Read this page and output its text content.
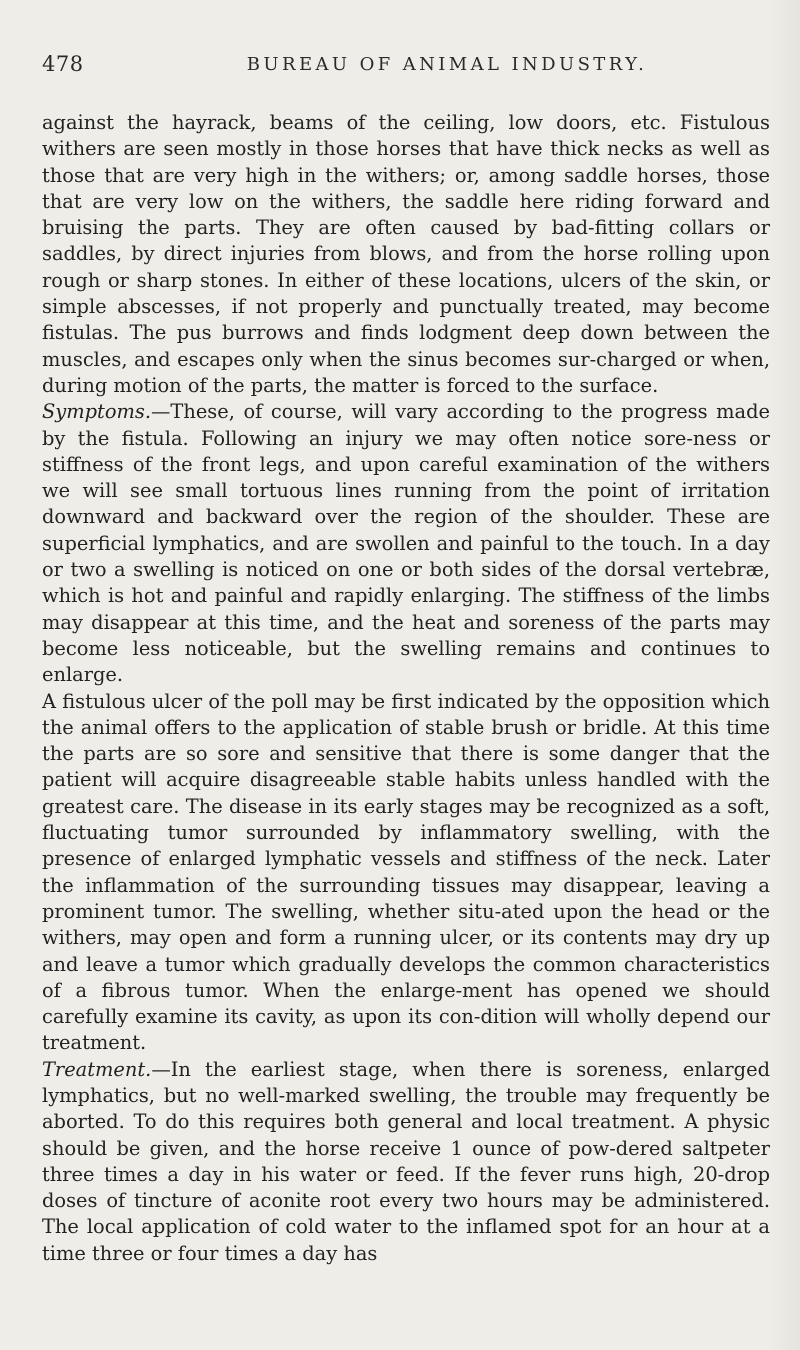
478	BUREAU OF ANIMAL INDUSTRY.

against the hayrack, beams of the ceiling, low doors, etc. Fistulous withers are seen mostly in those horses that have thick necks as well as those that are very high in the withers; or, among saddle horses, those that are very low on the withers, the saddle here riding forward and bruising the parts. They are often caused by bad-fitting collars or saddles, by direct injuries from blows, and from the horse rolling upon rough or sharp stones. In either of these locations, ulcers of the skin, or simple abscesses, if not properly and punctually treated, may become fistulas. The pus burrows and finds lodgment deep down between the muscles, and escapes only when the sinus becomes sur-charged or when, during motion of the parts, the matter is forced to the surface.

Symptoms.—These, of course, will vary according to the progress made by the fistula. Following an injury we may often notice sore-ness or stiffness of the front legs, and upon careful examination of the withers we will see small tortuous lines running from the point of irritation downward and backward over the region of the shoulder. These are superficial lymphatics, and are swollen and painful to the touch. In a day or two a swelling is noticed on one or both sides of the dorsal vertebræ, which is hot and painful and rapidly enlarging. The stiffness of the limbs may disappear at this time, and the heat and soreness of the parts may become less noticeable, but the swelling remains and continues to enlarge.

A fistulous ulcer of the poll may be first indicated by the opposition which the animal offers to the application of stable brush or bridle. At this time the parts are so sore and sensitive that there is some danger that the patient will acquire disagreeable stable habits unless handled with the greatest care. The disease in its early stages may be recognized as a soft, fluctuating tumor surrounded by inflammatory swelling, with the presence of enlarged lymphatic vessels and stiffness of the neck. Later the inflammation of the surrounding tissues may disappear, leaving a prominent tumor. The swelling, whether situ-ated upon the head or the withers, may open and form a running ulcer, or its contents may dry up and leave a tumor which gradually develops the common characteristics of a fibrous tumor. When the enlarge-ment has opened we should carefully examine its cavity, as upon its con-dition will wholly depend our treatment.

Treatment.—In the earliest stage, when there is soreness, enlarged lymphatics, but no well-marked swelling, the trouble may frequently be aborted. To do this requires both general and local treatment. A physic should be given, and the horse receive 1 ounce of pow-dered saltpeter three times a day in his water or feed. If the fever runs high, 20-drop doses of tincture of aconite root every two hours may be administered. The local application of cold water to the inflamed spot for an hour at a time three or four times a day has
